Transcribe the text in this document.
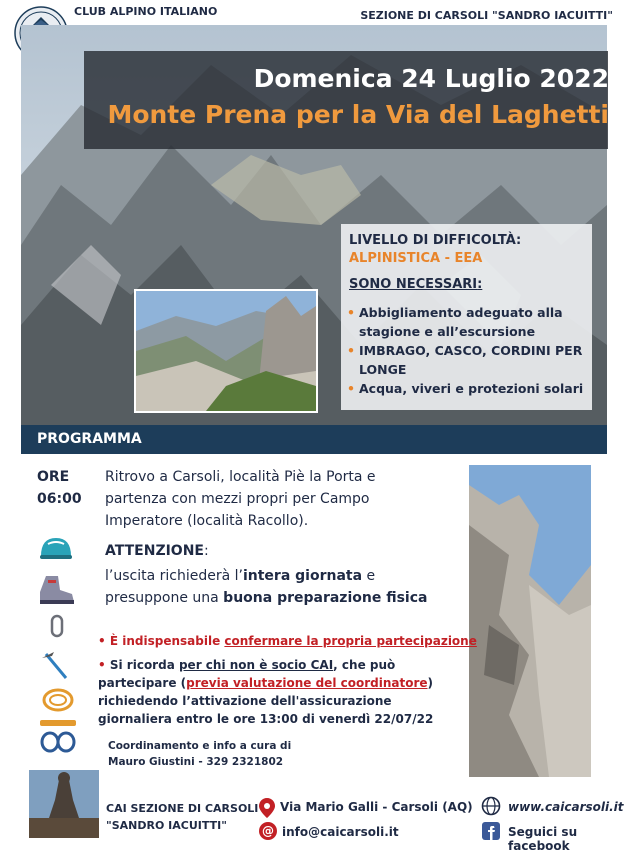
CLUB ALPINO ITALIANO	SEZIONE DI CARSOLI "SANDRO IACUITTI"
Domenica 24 Luglio 2022
Monte Prena per la Via del Laghetti
LIVELLO DI DIFFICOLTÀ:
ALPINISTICA - EEA
SONO NECESSARI:
• Abbigliamento adeguato alla stagione e all’escursione
• IMBRAGO, CASCO, CORDINI PER LONGE
• Acqua, viveri e protezioni solari
PROGRAMMA
ORE
06:00
Ritrovo a Carsoli, località Piè la Porta e partenza con mezzi propri per Campo Imperatore (località Racollo).
ATTENZIONE:
l’uscita richiederà l’intera giornata e presuppone una buona preparazione fisica
• È indispensabile confermare la propria partecipazione
• Si ricorda per chi non è socio CAI, che può partecipare (previa valutazione del coordinatore) richiedendo l’attivazione dell'assicurazione giornaliera entro le ore 13:00 di venerdì 22/07/22
Coordinamento e info a cura di
Mauro Giustini - 329 2321802
CAI SEZIONE DI CARSOLI
"SANDRO IACUITTI"
Via Mario Galli - Carsoli (AQ)
@ info@caicarsoli.it
www.caicarsoli.it
Seguici su facebook
